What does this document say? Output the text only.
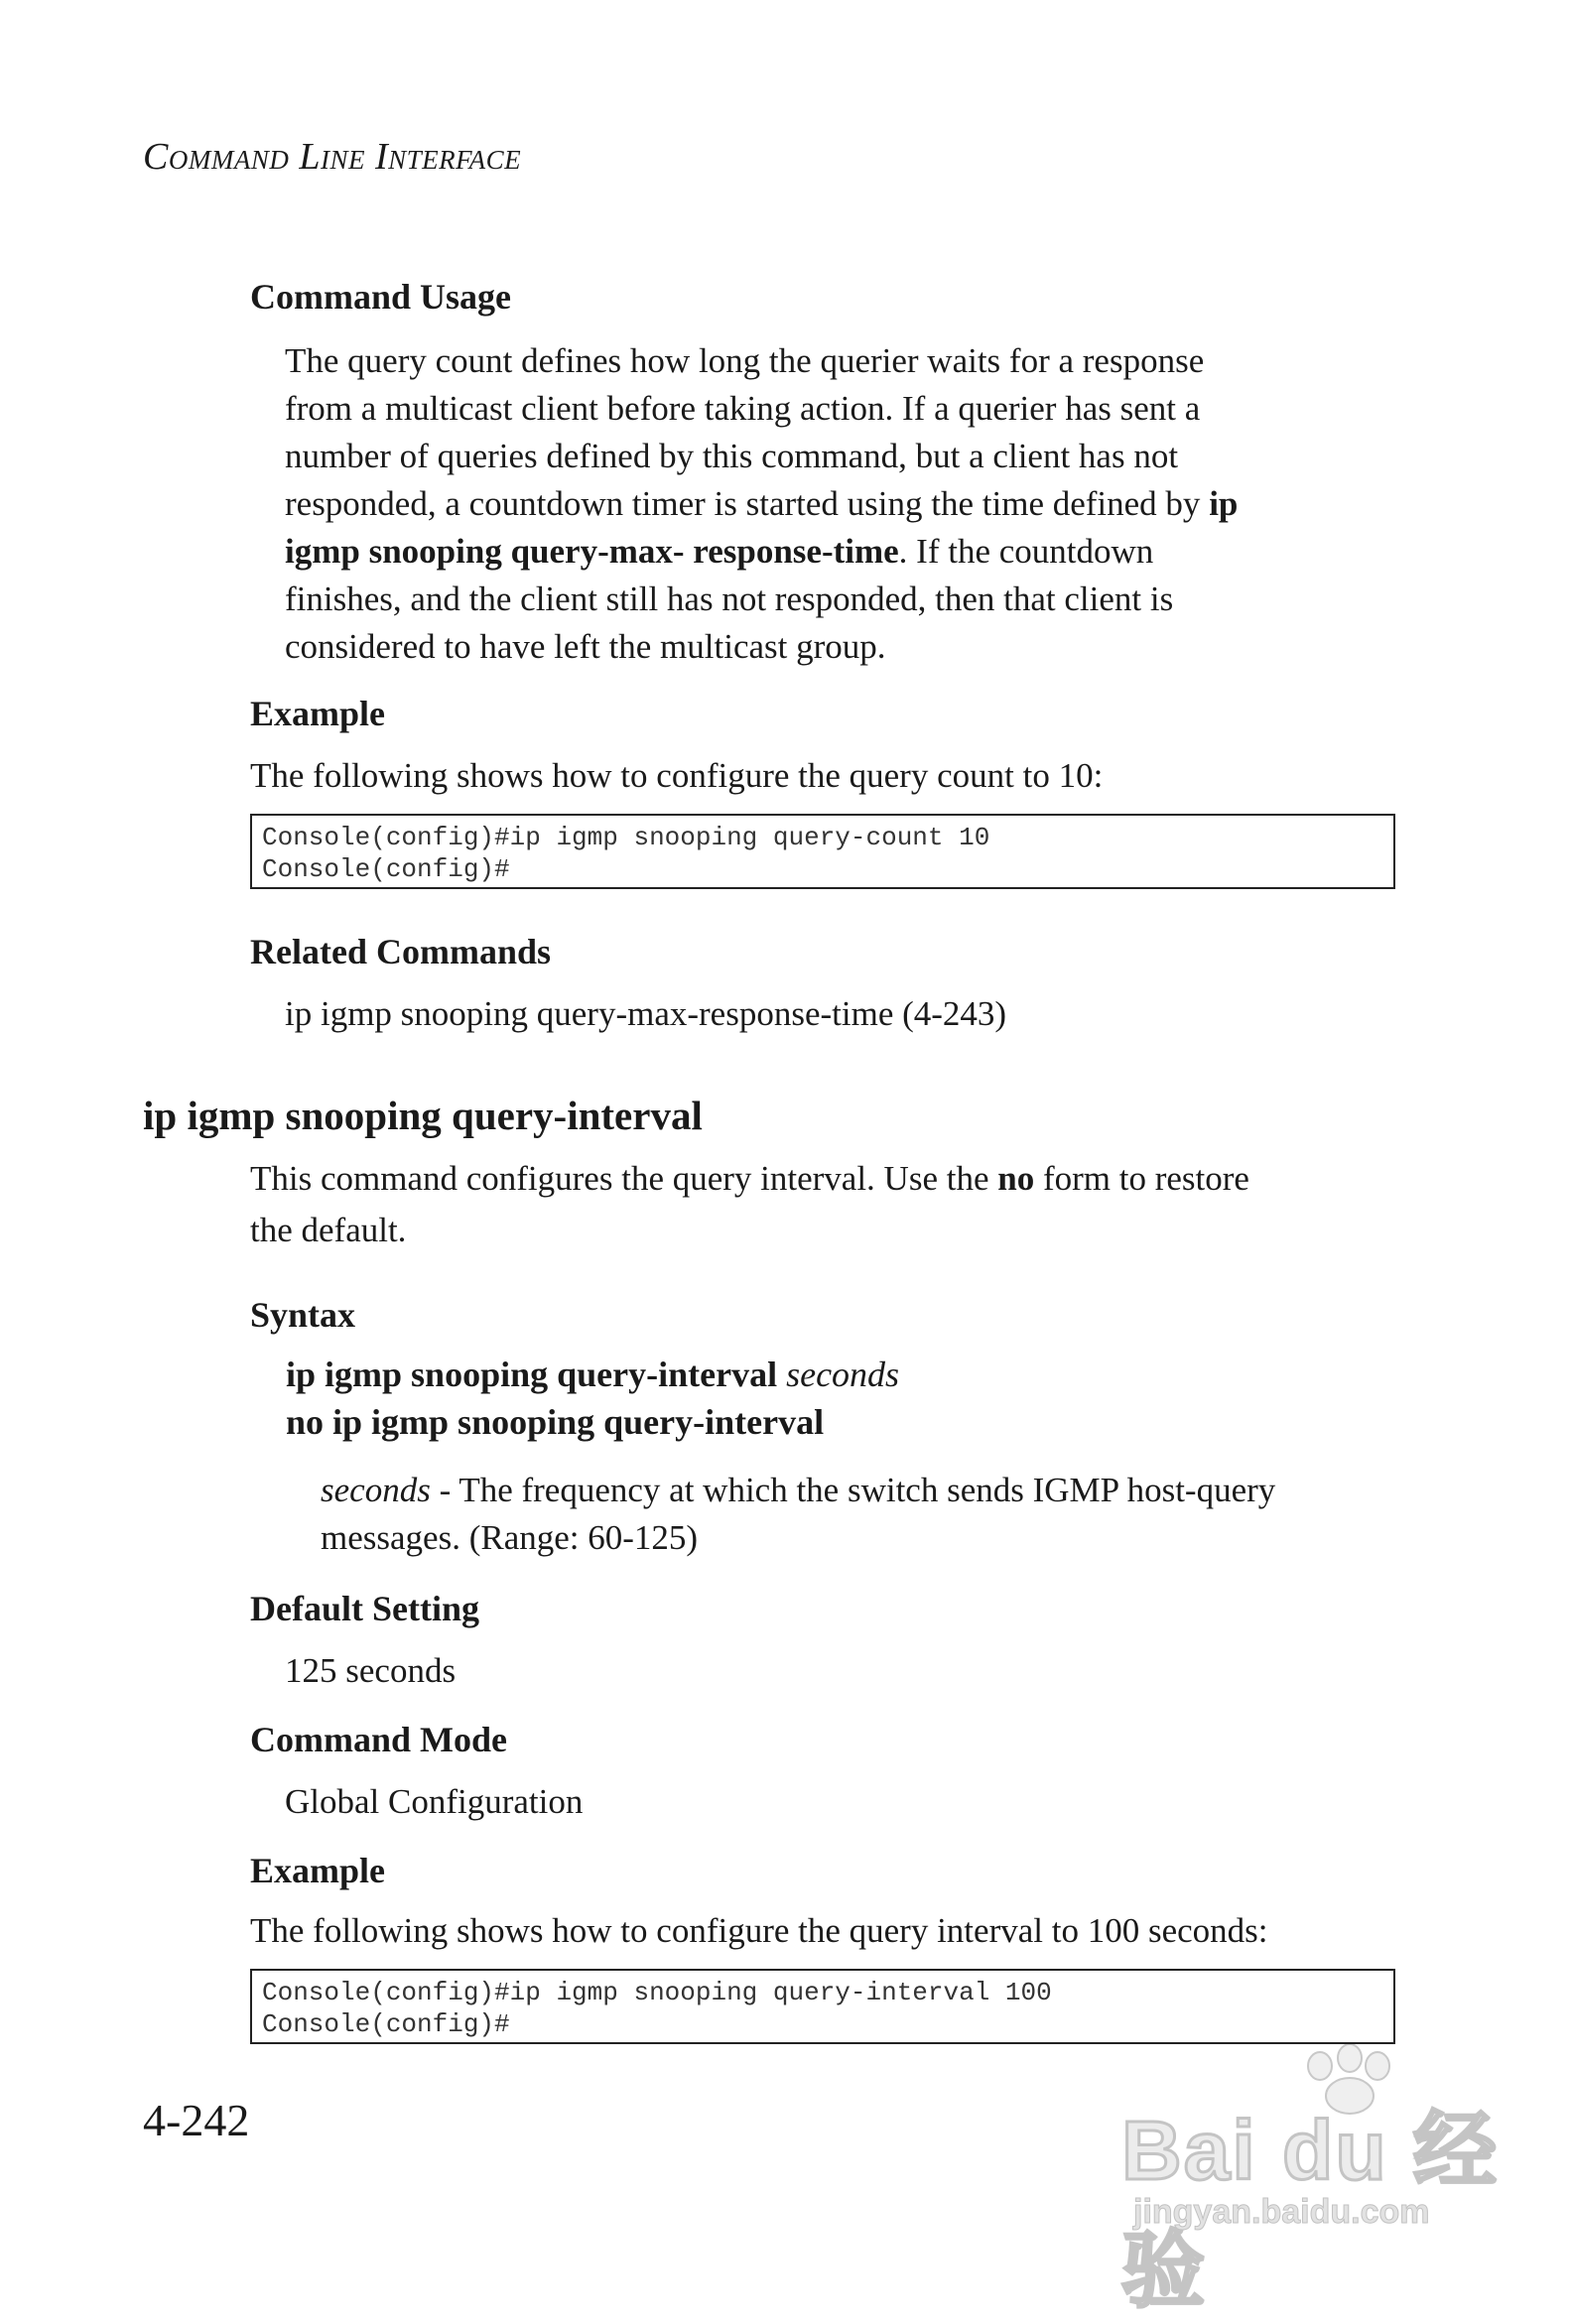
Command Line Interface
Command Usage
The query count defines how long the querier waits for a response
from a multicast client before taking action. If a querier has sent a
number of queries defined by this command, but a client has not
responded, a countdown timer is started using the time defined by ip
igmp snooping query-max- response-time. If the countdown
finishes, and the client still has not responded, then that client is
considered to have left the multicast group.
Example
The following shows how to configure the query count to 10:
Console(config)#ip igmp snooping query-count 10
Console(config)#
Related Commands
ip igmp snooping query-max-response-time (4-243)
ip igmp snooping query-interval
This command configures the query interval. Use the no form to restore
the default.
Syntax
ip igmp snooping query-interval seconds
no ip igmp snooping query-interval
seconds - The frequency at which the switch sends IGMP host-query
messages. (Range: 60-125)
Default Setting
125 seconds
Command Mode
Global Configuration
Example
The following shows how to configure the query interval to 100 seconds:
Console(config)#ip igmp snooping query-interval 100
Console(config)#
4-242	Bai du 经验
jingyan.baidu.com
